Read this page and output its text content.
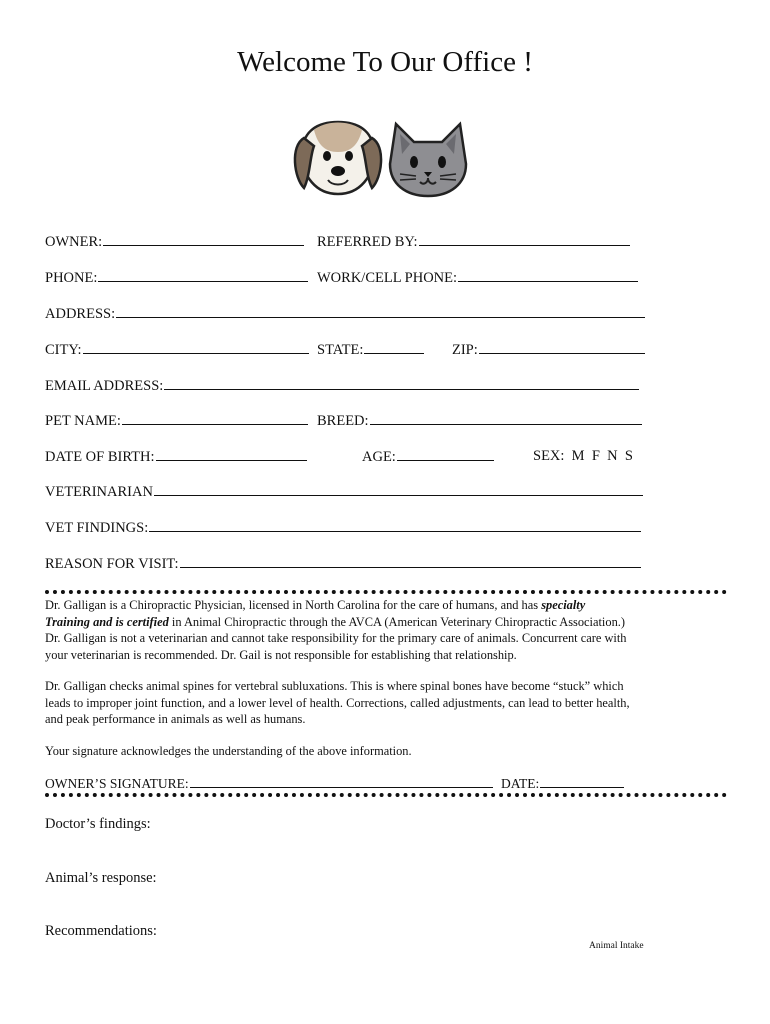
Welcome To Our Office !
OWNER:	REFERRED BY:
PHONE:	WORK/CELL PHONE:
ADDRESS:
CITY:	STATE:	ZIP:
EMAIL ADDRESS:
PET NAME:	BREED:
DATE OF BIRTH:	AGE:	SEX: M  F  N  S
VETERINARIAN
VET FINDINGS:
REASON FOR VISIT:
Dr. Galligan is a Chiropractic Physician, licensed in North Carolina for the care of humans, and has specialty
Training and is certified in Animal Chiropractic through the AVCA (American Veterinary Chiropractic Association.)
Dr. Galligan is not a veterinarian and cannot take responsibility for the primary care of animals. Concurrent care with
your veterinarian is recommended. Dr. Gail is not responsible for establishing that relationship.
Dr. Galligan checks animal spines for vertebral subluxations. This is where spinal bones have become “stuck” which
leads to improper joint function, and a lower level of health. Corrections, called adjustments, can lead to better health,
and peak performance in animals as well as humans.
Your signature acknowledges the understanding of the above information.
OWNER’S SIGNATURE:	DATE:
Doctor’s findings:
Animal’s response:
Recommendations:
Animal Intake
